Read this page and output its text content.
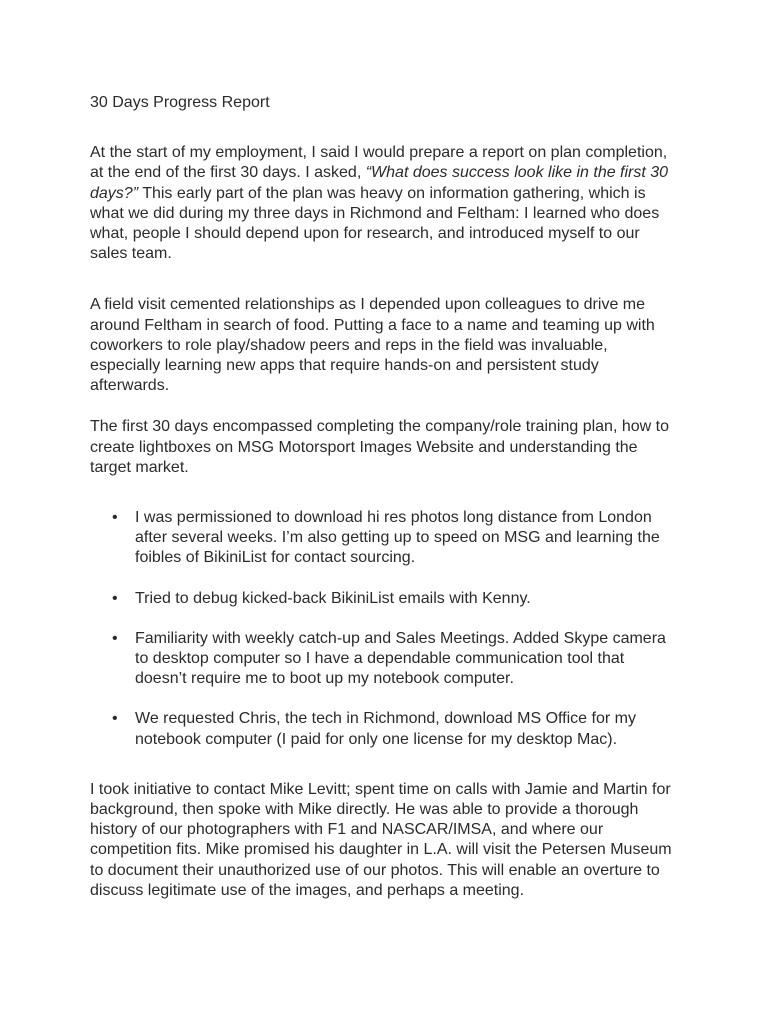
30 Days Progress Report

At the start of my employment, I said I would prepare a report on plan completion, at the end of the first 30 days. I asked, “What does success look like in the first 30 days?” This early part of the plan was heavy on information gathering, which is what we did during my three days in Richmond and Feltham: I learned who does what, people I should depend upon for research, and introduced myself to our sales team.

A field visit cemented relationships as I depended upon colleagues to drive me around Feltham in search of food. Putting a face to a name and teaming up with coworkers to role play/shadow peers and reps in the field was invaluable, especially learning new apps that require hands-on and persistent study afterwards.

The first 30 days encompassed completing the company/role training plan, how to create lightboxes on MSG Motorsport Images Website and understanding the target market.

• I was permissioned to download hi res photos long distance from London after several weeks. I’m also getting up to speed on MSG and learning the foibles of BikiniList for contact sourcing.
• Tried to debug kicked-back BikiniList emails with Kenny.
• Familiarity with weekly catch-up and Sales Meetings. Added Skype camera to desktop computer so I have a dependable communication tool that doesn’t require me to boot up my notebook computer.
• We requested Chris, the tech in Richmond, download MS Office for my notebook computer (I paid for only one license for my desktop Mac).

I took initiative to contact Mike Levitt; spent time on calls with Jamie and Martin for background, then spoke with Mike directly. He was able to provide a thorough history of our photographers with F1 and NASCAR/IMSA, and where our competition fits. Mike promised his daughter in L.A. will visit the Petersen Museum to document their unauthorized use of our photos. This will enable an overture to discuss legitimate use of the images, and perhaps a meeting.
